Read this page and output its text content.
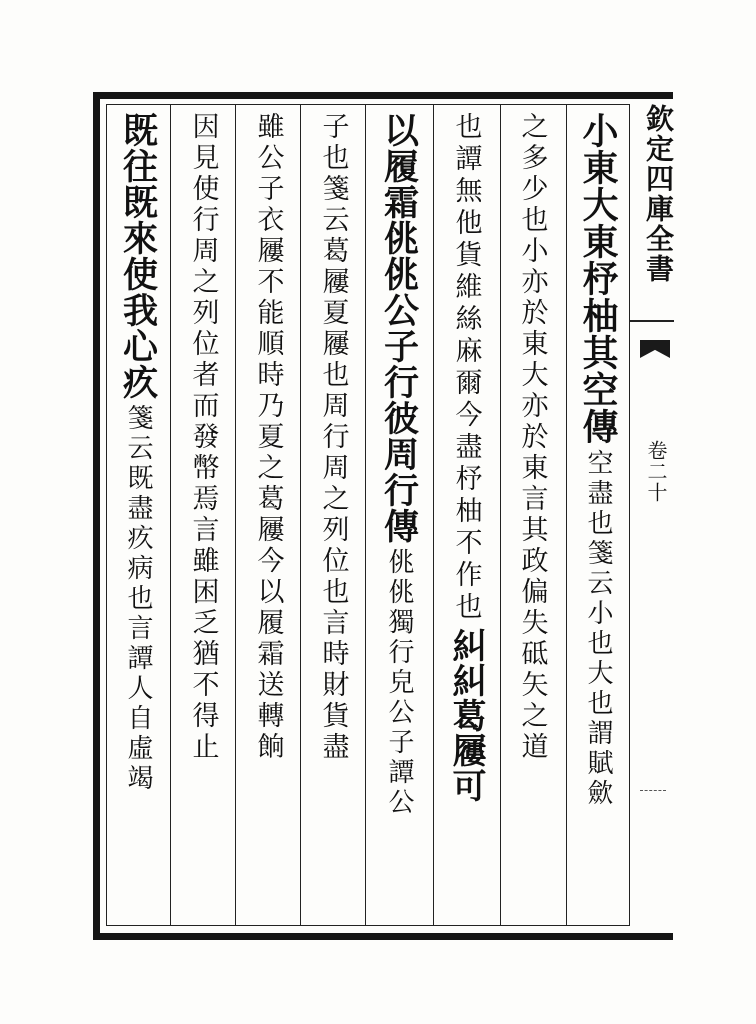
小東大東杼柚其空傳
空盡也箋云小也大也謂賦歛
之多少也小亦於東大亦於東言其政偏失砥矢之道
也譚無他貨維絲麻爾今盡杼柚不作也
糾糾葛屨可
以履霜佻佻公子行彼周行傳
佻佻獨行皃公子譚公
子也箋云葛屨夏屨也周行周之列位也言時財貨盡
雖公子衣屨不能順時乃夏之葛屨今以履霜送轉餉
因見使行周之列位者而發幣焉言雖困乏猶不得止
既往既來使我心疚
箋云既盡疚病也言譚人自虛竭
欽定四庫全書
卷二十
